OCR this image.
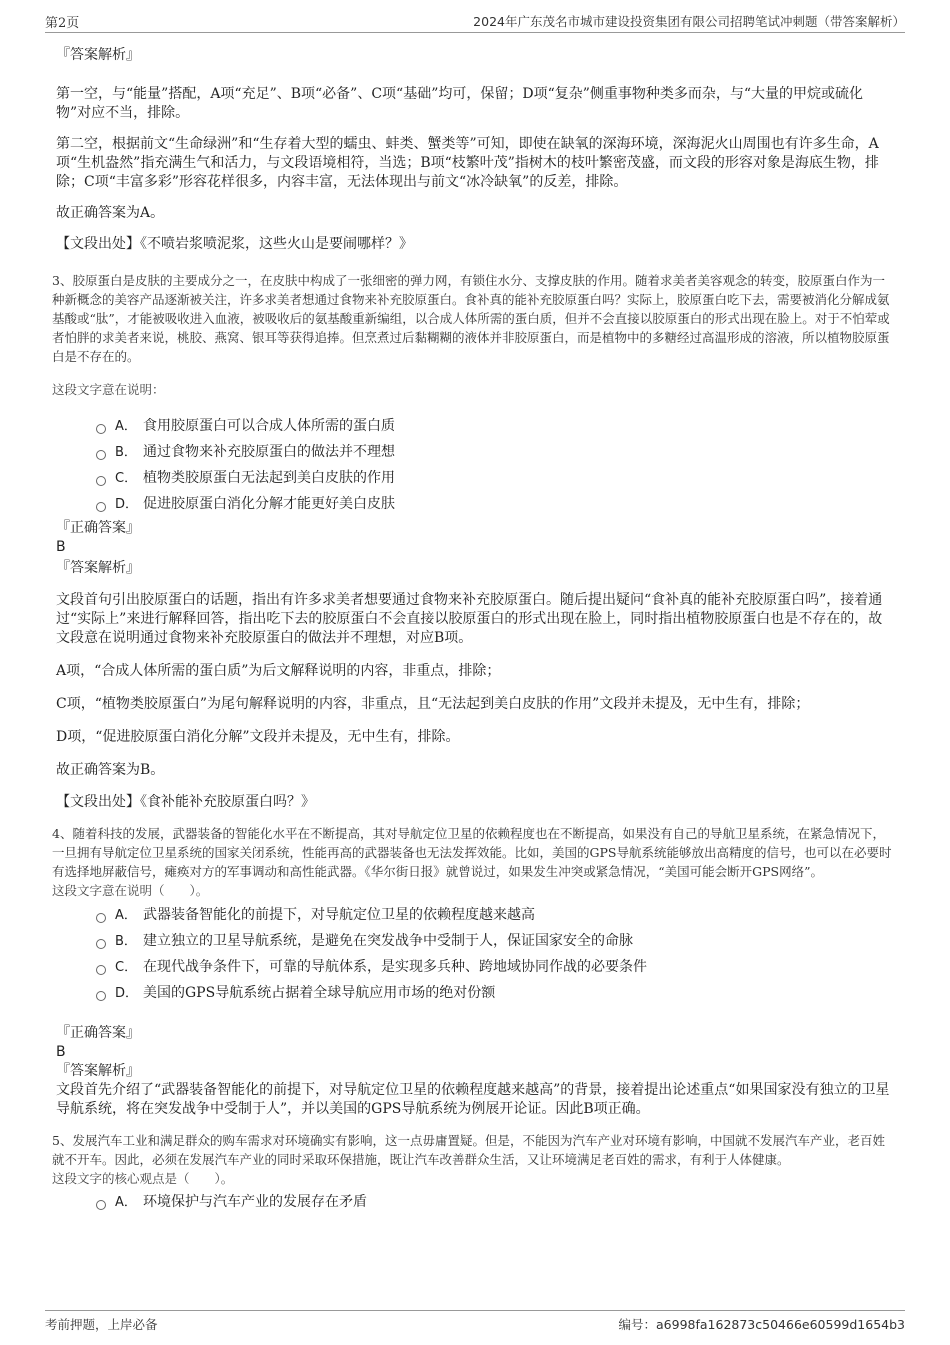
第2页	2024年广东茂名市城市建设投资集团有限公司招聘笔试冲刺题（带答案解析）

『答案解析』

第一空，与“能量”搭配，A项“充足”、B项“必备”、C项“基础”均可，保留；D项“复杂”侧重事物种类多而杂，与“大量的甲烷或硫化物”对应不当，排除。

第二空，根据前文“生命绿洲”和“生存着大型的蠕虫、蚌类、蟹类等”可知，即使在缺氧的深海环境，深海泥火山周围也有许多生命，A项“生机盎然”指充满生气和活力，与文段语境相符，当选；B项“枝繁叶茂”指树木的枝叶繁密茂盛，而文段的形容对象是海底生物，排除；C项“丰富多彩”形容花样很多，内容丰富，无法体现出与前文“冰冷缺氧”的反差，排除。

故正确答案为A。

【文段出处】《不喷岩浆喷泥浆，这些火山是要闹哪样？》

3、胶原蛋白是皮肤的主要成分之一，在皮肤中构成了一张细密的弹力网，有锁住水分、支撑皮肤的作用。随着求美者美容观念的转变，胶原蛋白作为一种新概念的美容产品逐渐被关注，许多求美者想通过食物来补充胶原蛋白。食补真的能补充胶原蛋白吗？实际上，胶原蛋白吃下去，需要被消化分解成氨基酸或“肽”，才能被吸收进入血液，被吸收后的氨基酸重新编组，以合成人体所需的蛋白质，但并不会直接以胶原蛋白的形式出现在脸上。对于不怕荤或者怕胖的求美者来说，桃胶、燕窝、银耳等获得追捧。但烹煮过后黏糊糊的液体并非胶原蛋白，而是植物中的多糖经过高温形成的溶液，所以植物胶原蛋白是不存在的。

这段文字意在说明：

A． 食用胶原蛋白可以合成人体所需的蛋白质
B． 通过食物来补充胶原蛋白的做法并不理想
C． 植物类胶原蛋白无法起到美白皮肤的作用
D． 促进胶原蛋白消化分解才能更好美白皮肤

『正确答案』

B

『答案解析』

文段首句引出胶原蛋白的话题，指出有许多求美者想要通过食物来补充胶原蛋白。随后提出疑问“食补真的能补充胶原蛋白吗”，接着通过“实际上”来进行解释回答，指出吃下去的胶原蛋白不会直接以胶原蛋白的形式出现在脸上，同时指出植物胶原蛋白也是不存在的，故文段意在说明通过食物来补充胶原蛋白的做法并不理想，对应B项。

A项，“合成人体所需的蛋白质”为后文解释说明的内容，非重点，排除；

C项，“植物类胶原蛋白”为尾句解释说明的内容，非重点，且“无法起到美白皮肤的作用”文段并未提及，无中生有，排除；

D项，“促进胶原蛋白消化分解”文段并未提及，无中生有，排除。

故正确答案为B。

【文段出处】《食补能补充胶原蛋白吗？》

4、随着科技的发展，武器装备的智能化水平在不断提高，其对导航定位卫星的依赖程度也在不断提高，如果没有自己的导航卫星系统，在紧急情况下，一旦拥有导航定位卫星系统的国家关闭系统，性能再高的武器装备也无法发挥效能。比如，美国的GPS导航系统能够放出高精度的信号，也可以在必要时有选择地屏蔽信号，瘫痪对方的军事调动和高性能武器。《华尔街日报》就曾说过，如果发生冲突或紧急情况，“美国可能会断开GPS网络”。

这段文字意在说明（　　）。

A． 武器装备智能化的前提下，对导航定位卫星的依赖程度越来越高
B． 建立独立的卫星导航系统，是避免在突发战争中受制于人，保证国家安全的命脉
C． 在现代战争条件下，可靠的导航体系，是实现多兵种、跨地域协同作战的必要条件
D． 美国的GPS导航系统占据着全球导航应用市场的绝对份额

『正确答案』

B

『答案解析』

文段首先介绍了“武器装备智能化的前提下，对导航定位卫星的依赖程度越来越高”的背景，接着提出论述重点“如果国家没有独立的卫星导航系统，将在突发战争中受制于人”，并以美国的GPS导航系统为例展开论证。因此B项正确。

5、发展汽车工业和满足群众的购车需求对环境确实有影响，这一点毋庸置疑。但是，不能因为汽车产业对环境有影响，中国就不发展汽车产业，老百姓就不开车。因此，必须在发展汽车产业的同时采取环保措施，既让汽车改善群众生活，又让环境满足老百姓的需求，有利于人体健康。

这段文字的核心观点是（　　）。

A． 环境保护与汽车产业的发展存在矛盾
考前押题，上岸必备	编号：a6998fa162873c50466e60599d1654b3
